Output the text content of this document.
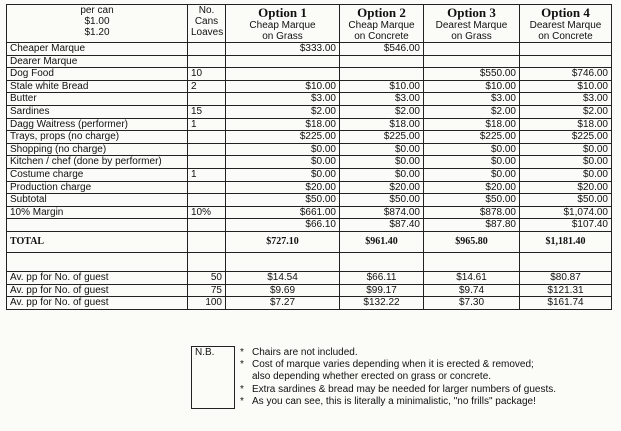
per can
$1.00
$1.20	No.
Cans
Loaves	Option 1
Cheap Marque
on Grass	Option 2
Cheap Marque
on Concrete	Option 3
Dearest Marque
on Grass	Option 4
Dearest Marque
on Concrete

Cheaper Marque		$333.00	$546.00		
Dearer Marque					
Dog Food	10			$550.00	$746.00
Stale white Bread	2	$10.00	$10.00	$10.00	$10.00
Butter		$3.00	$3.00	$3.00	$3.00
Sardines	15	$2.00	$2.00	$2.00	$2.00
Dagg Waitress (performer)	1	$18.00	$18.00	$18.00	$18.00
Trays, props (no charge)		$225.00	$225.00	$225.00	$225.00
Shopping (no charge)		$0.00	$0.00	$0.00	$0.00
Kitchen / chef (done by performer)		$0.00	$0.00	$0.00	$0.00
Costume charge	1	$0.00	$0.00	$0.00	$0.00
Production charge		$20.00	$20.00	$20.00	$20.00
Subtotal		$50.00	$50.00	$50.00	$50.00
10% Margin	10%	$661.00	$874.00	$878.00	$1,074.00
		$66.10	$87.40	$87.80	$107.40
TOTAL		$727.10	$961.40	$965.80	$1,181.40

Av. pp for No. of guest	50	$14.54	$66.11	$14.61	$80.87
Av. pp for No. of guest	75	$9.69	$99.17	$9.74	$121.31
Av. pp for No. of guest	100	$7.27	$132.22	$7.30	$161.74
N.B.	*	Chairs are not included.
	*	Cost of marque varies depending when it is erected & removed;
		also depending whether erected on grass or concrete.
	*	Extra sardines & bread may be needed for larger numbers of guests.
	*	As you can see, this is literally a minimalistic, "no frills" package!
